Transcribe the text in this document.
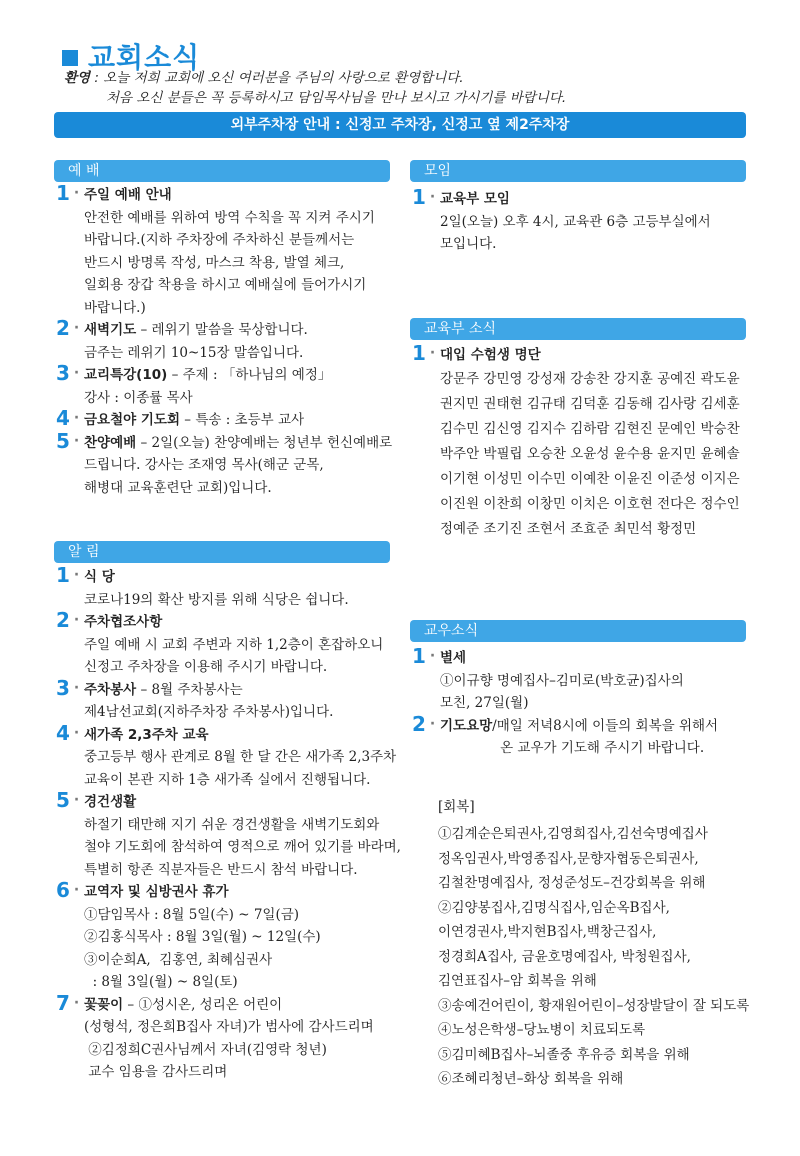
교회소식
환영 : 오늘 저희 교회에 오신 여러분을 주님의 사랑으로 환영합니다.
처음 오신 분들은 꼭 등록하시고 담임목사님을 만나 보시고 가시기를 바랍니다.
외부주차장 안내 : 신정고 주차장, 신정고 옆 제2주차장
예 배
1 ·	주일 예배 안내
안전한 예배를 위하여 방역 수칙을 꼭 지켜 주시기
바랍니다.(지하 주차장에 주차하신 분들께서는
반드시 방명록 작성, 마스크 착용, 발열 체크,
일회용 장갑 착용을 하시고 예배실에 들어가시기
바랍니다.)
2 ·	새벽기도 – 레위기 말씀을 묵상합니다.
금주는 레위기 10~15장 말씀입니다.
3 ·	교리특강(10) – 주제 : 「하나님의 예정」
강사 : 이종률 목사
4 ·	금요철야 기도회 – 특송 : 초등부 교사
5 ·	찬양예배 – 2일(오늘) 찬양예배는 청년부 헌신예배로
드립니다. 강사는 조재영 목사(해군 군목,
해병대 교육훈련단 교회)입니다.
알 림
1 ·	식 당
코로나19의 확산 방지를 위해 식당은 쉽니다.
2 ·	주차협조사항
주일 예배 시 교회 주변과 지하 1,2층이 혼잡하오니
신정고 주차장을 이용해 주시기 바랍니다.
3 ·	주차봉사 – 8월 주차봉사는
제4남선교회(지하주차장 주차봉사)입니다.
4 ·	새가족 2,3주차 교육
중고등부 행사 관계로 8월 한 달 간은 새가족 2,3주차
교육이 본관 지하 1층 새가족 실에서 진행됩니다.
5 ·	경건생활
하절기 태만해 지기 쉬운 경건생활을 새벽기도회와
철야 기도회에 참석하여 영적으로 깨어 있기를 바라며,
특별히 항존 직분자들은 반드시 참석 바랍니다.
6 ·	교역자 및 심방권사 휴가
①담임목사 : 8월 5일(수) ~ 7일(금)
②김홍식목사 : 8월 3일(월) ~ 12일(수)
③이순희A,  김홍연, 최혜심권사
: 8월 3일(월) ~ 8일(토)
7 ·	꽃꽂이 – ①성시온, 성리온 어린이
(성형석, 정은희B집사 자녀)가 범사에 감사드리며
②김정희C권사님께서 자녀(김영락 청년)
교수 임용을 감사드리며
모임
1 ·	교육부 모임
2일(오늘) 오후 4시, 교육관 6층 고등부실에서
모입니다.
교육부 소식
1 ·	대입 수험생 명단
강문주 강민영 강성재 강송찬 강지훈 공예진 곽도윤
권지민 권태현 김규태 김덕훈 김동해 김사랑 김세훈
김수민 김신영 김지수 김하람 김현진 문예인 박승찬
박주안 박필립 오승찬 오윤성 윤수용 윤지민 윤혜솔
이기현 이성민 이수민 이예찬 이윤진 이준성 이지은
이진원 이찬희 이창민 이치은 이호현 전다은 정수인
정예준 조기진 조현서 조효준 최민석 황정민
교우소식
1 ·	별세
①이규향 명예집사–김미로(박호균)집사의
모친, 27일(월)
2 ·	기도요망/매일 저녁8시에 이들의 회복을 위해서
온 교우가 기도해 주시기 바랍니다.
[회복]
①김계순은퇴권사,김영희집사,김선숙명예집사
정옥임권사,박영종집사,문향자협동은퇴권사,
김철찬명예집사, 정성준성도–건강회복을 위해
②김양봉집사,김명식집사,임순옥B집사,
이연경권사,박지현B집사,백창근집사,
정경희A집사, 금윤호명예집사, 박청원집사,
김연표집사–암 회복을 위해
③송예건어린이, 황재원어린이–성장발달이 잘 되도록
④노성은학생–당뇨병이 치료되도록
⑤김미혜B집사–뇌졸중 후유증 회복을 위해
⑥조혜리청년–화상 회복을 위해
